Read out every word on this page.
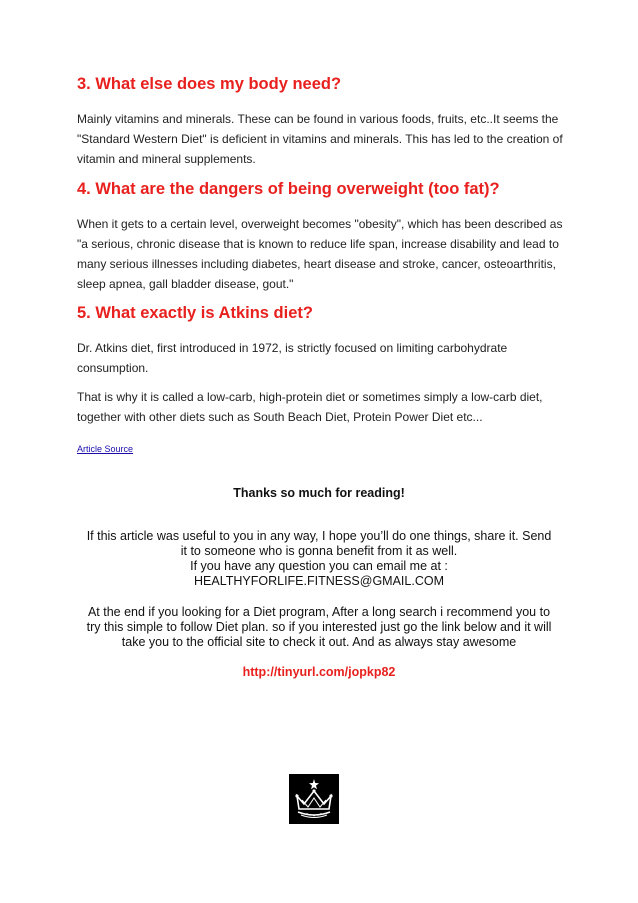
3. What else does my body need?

Mainly vitamins and minerals. These can be found in various foods, fruits, etc..It seems the "Standard Western Diet" is deficient in vitamins and minerals. This has led to the creation of vitamin and mineral supplements.

4. What are the dangers of being overweight (too fat)?

When it gets to a certain level, overweight becomes "obesity", which has been described as "a serious, chronic disease that is known to reduce life span, increase disability and lead to many serious illnesses including diabetes, heart disease and stroke, cancer, osteoarthritis, sleep apnea, gall bladder disease, gout."

5. What exactly is Atkins diet?

Dr. Atkins diet, first introduced in 1972, is strictly focused on limiting carbohydrate consumption.

That is why it is called a low-carb, high-protein diet or sometimes simply a low-carb diet, together with other diets such as South Beach Diet, Protein Power Diet etc...

Article Source
Thanks so much for reading!
If this article was useful to you in any way, I hope you’ll do one things, share it. Send
it to someone who is gonna benefit from it as well.
If you have any question you can email me at :
HEALTHYFORLIFE.FITNESS@GMAIL.COM
At the end if you looking for a Diet program, After a long search i recommend you to
try this simple to follow Diet plan. so if you interested just go the link below and it will
take you to the official site to check it out. And as always stay awesome
http://tinyurl.com/jopkp82
